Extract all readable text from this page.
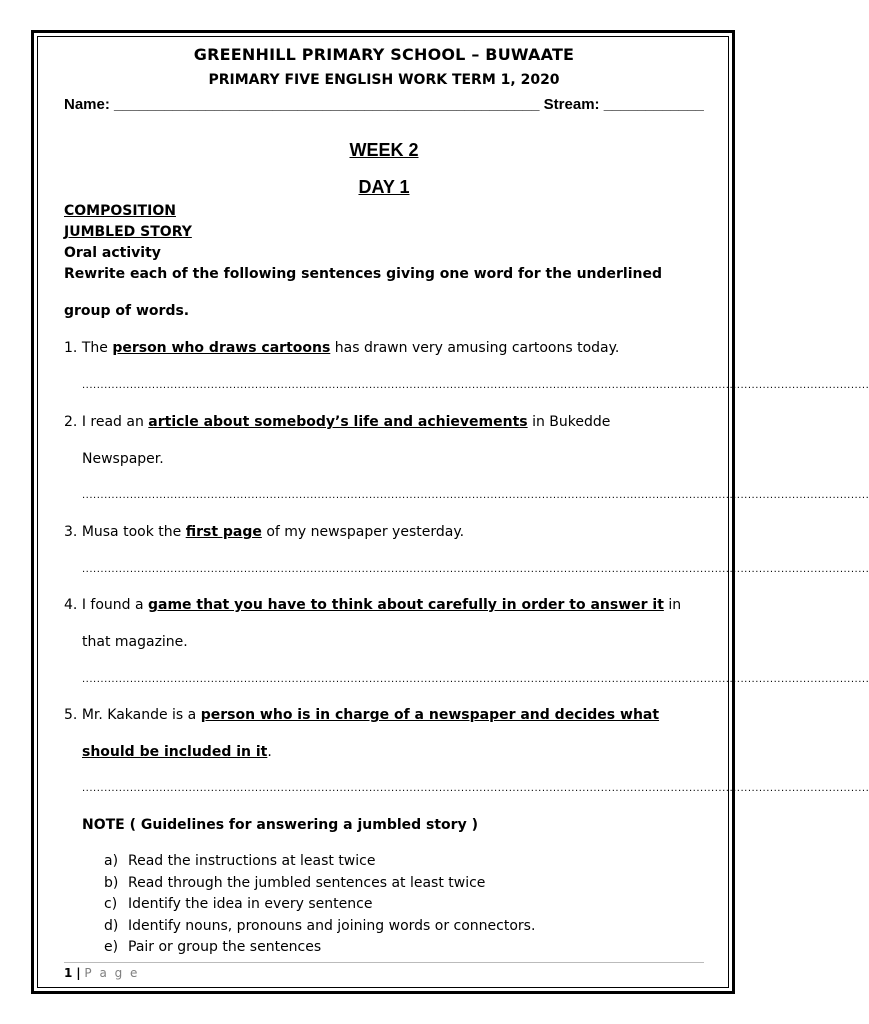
GREENHILL PRIMARY SCHOOL – BUWAATE
PRIMARY FIVE ENGLISH WORK TERM 1, 2020
Name: ___________________________________________________ Stream: ____________
WEEK 2
DAY 1
COMPOSITION
JUMBLED STORY
Oral activity
Rewrite each of the following sentences giving one word for the underlined
group of words.
1. The person who draws cartoons has drawn very amusing cartoons today.
......................................................................................................................................................................................................................
2. I read an article about somebody’s life and achievements in Bukedde
Newspaper.
......................................................................................................................................................................................................................
3. Musa took the first page of my newspaper yesterday.
......................................................................................................................................................................................................................
4. I found a game that you have to think about carefully in order to answer it in
that magazine.
......................................................................................................................................................................................................................
5. Mr. Kakande is a person who is in charge of a newspaper and decides what
should be included in it.
......................................................................................................................................................................................................................
NOTE ( Guidelines for answering a jumbled story )
a) Read the instructions at least twice
b) Read through the jumbled sentences at least twice
c) Identify the idea in every sentence
d) Identify nouns, pronouns and joining words or connectors.
e) Pair or group the sentences
1 | P a g e
